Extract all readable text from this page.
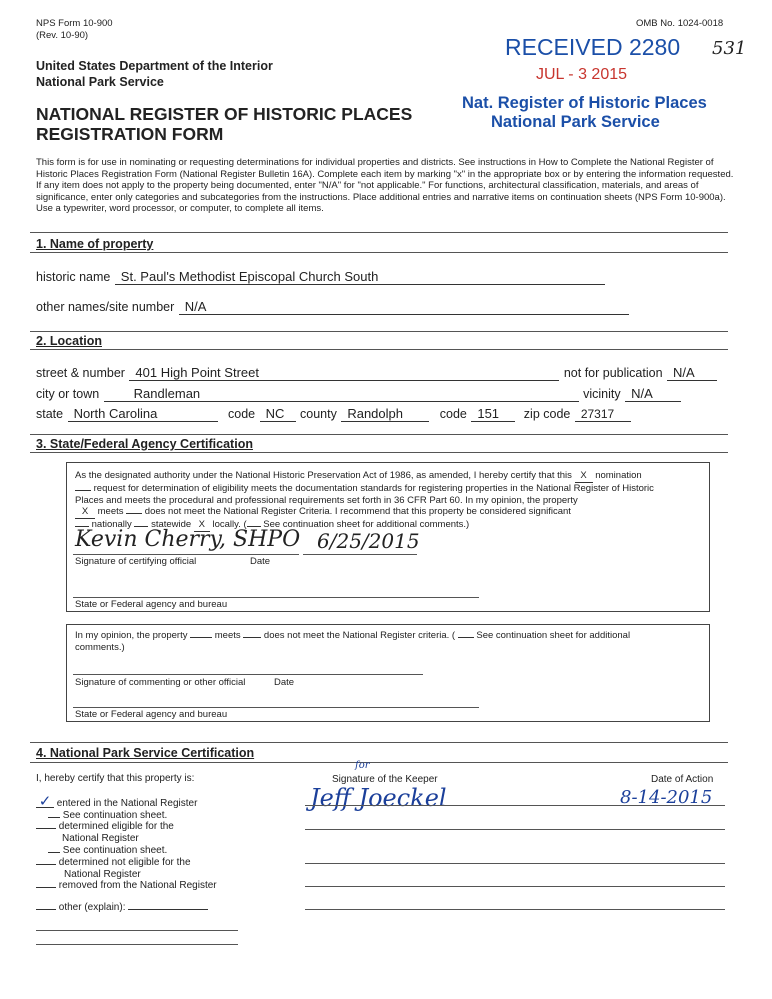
NPS Form 10-900
(Rev. 10-90)
OMB No. 1024-0018
United States Department of the Interior
National Park Service
NATIONAL REGISTER OF HISTORIC PLACES
REGISTRATION FORM
RECEIVED 2280 531
JUL - 3 2015
Nat. Register of Historic Places
National Park Service
This form is for use in nominating or requesting determinations for individual properties and districts. See instructions in How to Complete the National Register of Historic Places Registration Form (National Register Bulletin 16A). Complete each item by marking "x" in the appropriate box or by entering the information requested. If any item does not apply to the property being documented, enter "N/A" for "not applicable." For functions, architectural classification, materials, and areas of significance, enter only categories and subcategories from the instructions. Place additional entries and narrative items on continuation sheets (NPS Form 10-900a). Use a typewriter, word processor, or computer, to complete all items.
1. Name of property
historic name St. Paul's Methodist Episcopal Church South
other names/site number N/A
2. Location
street & number 401 High Point Street	not for publication N/A
city or town	Randleman	vicinity N/A
state North Carolina	code NC county Randolph	code 151 zip code 27317
3. State/Federal Agency Certification
As the designated authority under the National Historic Preservation Act of 1986, as amended, I hereby certify that this X nomination
request for determination of eligibility meets the documentation standards for registering properties in the National Register of Historic
Places and meets the procedural and professional requirements set forth in 36 CFR Part 60. In my opinion, the property
X meets does not meet the National Register Criteria. I recommend that this property be considered significant
nationally statewide X locally. ( See continuation sheet for additional comments.)
Kevin Cherry, SHPO 6/25/2015
Signature of certifying official	Date
State or Federal agency and bureau
In my opinion, the property	meets does not meet the National Register criteria. ( See continuation sheet for additional
comments.)
Signature of commenting or other official	Date
State or Federal agency and bureau
4. National Park Service Certification
I, hereby certify that this property is:
✓ entered in the National Register
See continuation sheet.
determined eligible for the
National Register
See continuation sheet.
determined not eligible for the
National Register
removed from the National Register
other (explain):
Signature of the Keeper
for
Jeff Joeckel
Date of Action
8-14-2015
